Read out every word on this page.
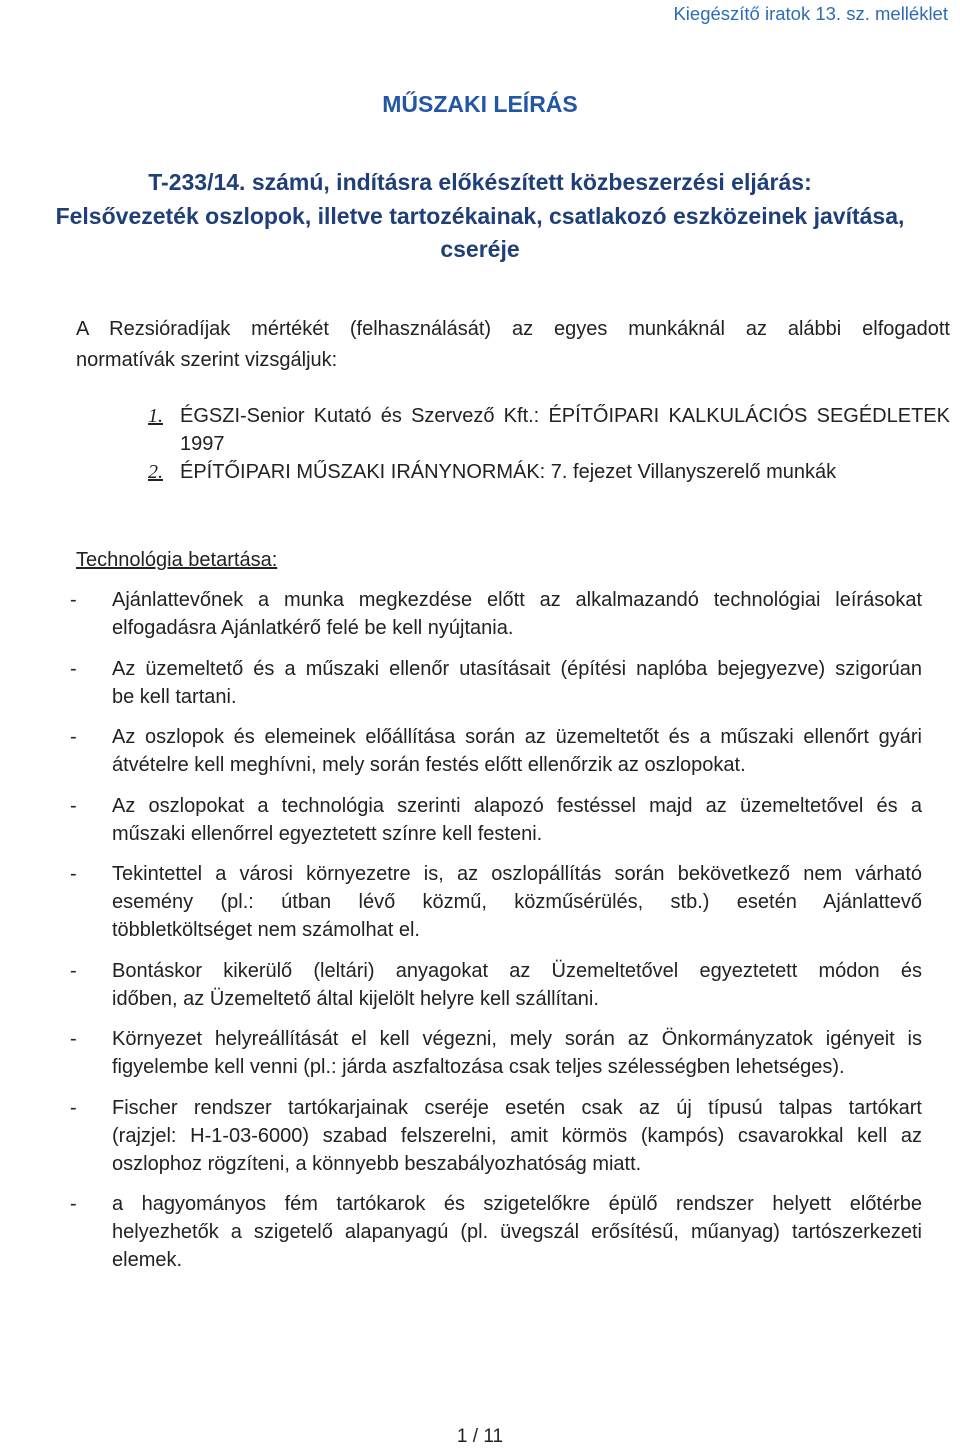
Kiegészítő iratok 13. sz. melléklet
MŰSZAKI LEÍRÁS
T-233/14. számú, indításra előkészített közbeszerzési eljárás:
Felsővezeték oszlopok, illetve tartozékainak, csatlakozó eszközeinek javítása,
cseréje
A Rezsióradíjak mértékét (felhasználását) az egyes munkáknál az alábbi elfogadott
normatívák szerint vizsgáljuk:
1. ÉGSZI-Senior Kutató és Szervező Kft.: ÉPÍTŐIPARI KALKULÁCIÓS SEGÉDLETEK
1997
2. ÉPÍTŐIPARI MŰSZAKI IRÁNYNORMÁK: 7. fejezet Villanyszerelő munkák
Technológia betartása:
- Ajánlattevőnek a munka megkezdése előtt az alkalmazandó technológiai leírásokat
elfogadásra Ajánlatkérő felé be kell nyújtania.
- Az üzemeltető és a műszaki ellenőr utasításait (építési naplóba bejegyezve) szigorúan
be kell tartani.
- Az oszlopok és elemeinek előállítása során az üzemeltetőt és a műszaki ellenőrt gyári
átvételre kell meghívni, mely során festés előtt ellenőrzik az oszlopokat.
- Az oszlopokat a technológia szerinti alapozó festéssel majd az üzemeltetővel és a
műszaki ellenőrrel egyeztetett színre kell festeni.
- Tekintettel a városi környezetre is, az oszlopállítás során bekövetkező nem várható
esemény (pl.: útban lévő közmű, közműsérülés, stb.) esetén Ajánlattevő
többletköltséget nem számolhat el.
- Bontáskor kikerülő (leltári) anyagokat az Üzemeltetővel egyeztetett módon és
időben, az Üzemeltető által kijelölt helyre kell szállítani.
- Környezet helyreállítását el kell végezni, mely során az Önkormányzatok igényeit is
figyelembe kell venni (pl.: járda aszfaltozása csak teljes szélességben lehetséges).
- Fischer rendszer tartókarjainak cseréje esetén csak az új típusú talpas tartókart
(rajzjel: H-1-03-6000) szabad felszerelni, amit körmös (kampós) csavarokkal kell az
oszlophoz rögzíteni, a könnyebb beszabályozhatóság miatt.
- a hagyományos fém tartókarok és szigetelőkre épülő rendszer helyett előtérbe
helyezhetők a szigetelő alapanyagú (pl. üvegszál erősítésű, műanyag) tartószerkezeti
elemek.
1 / 11
